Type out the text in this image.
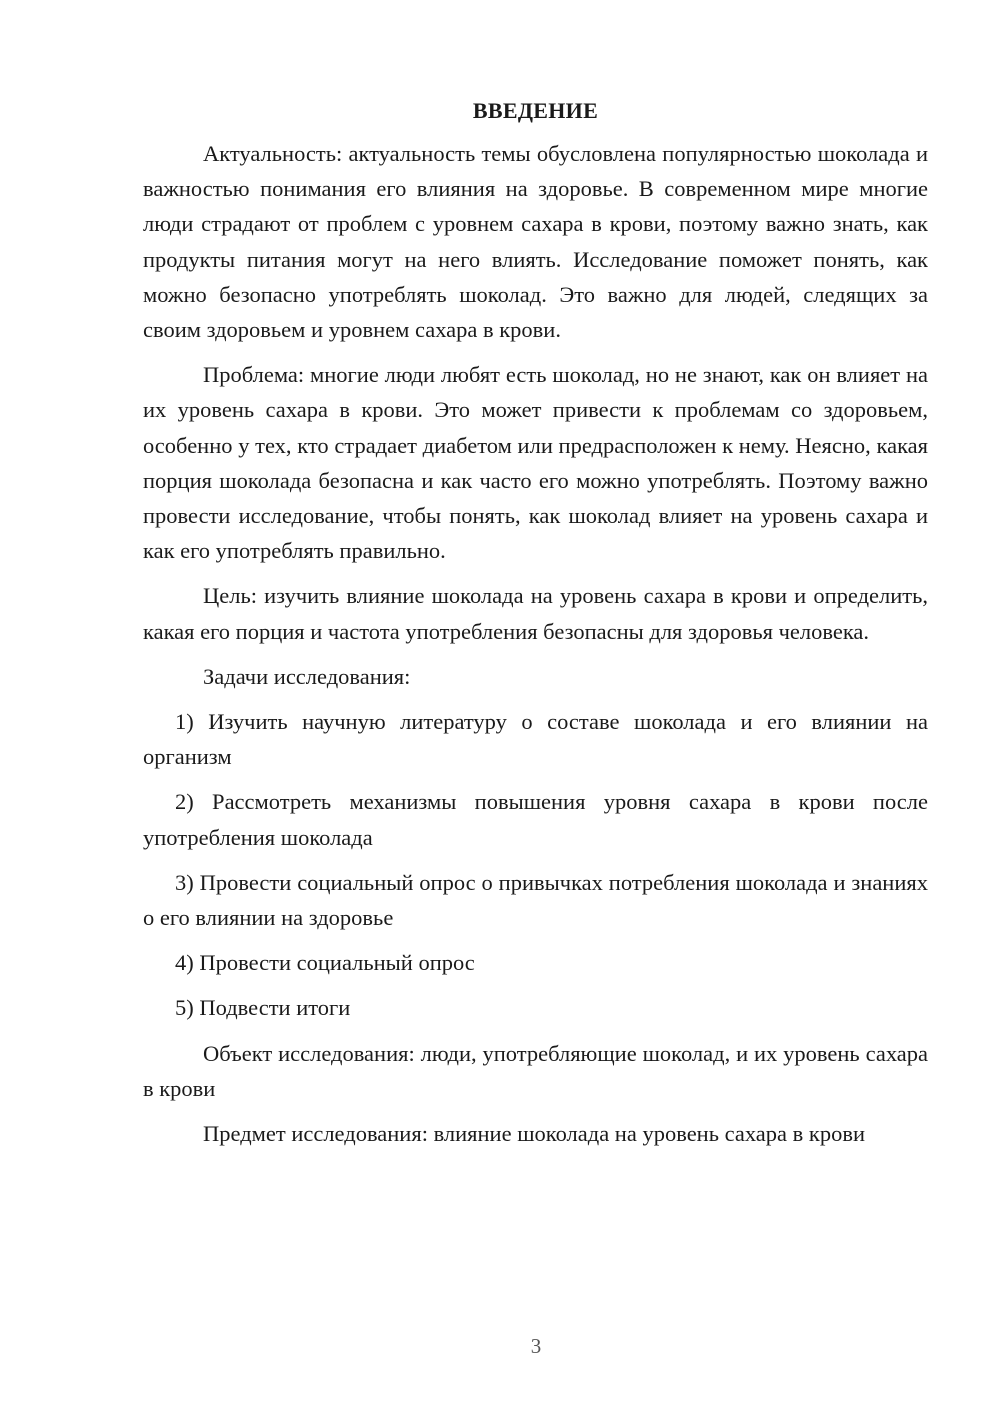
ВВЕДЕНИЕ

Актуальность: актуальность темы обусловлена популярностью шоколада и важностью понимания его влияния на здоровье. В современном мире многие люди страдают от проблем с уровнем сахара в крови, поэтому важно знать, как продукты питания могут на него влиять. Исследование поможет понять, как можно безопасно употреблять шоколад. Это важно для людей, следящих за своим здоровьем и уровнем сахара в крови.

Проблема: многие люди любят есть шоколад, но не знают, как он влияет на их уровень сахара в крови. Это может привести к проблемам со здоровьем, особенно у тех, кто страдает диабетом или предрасположен к нему. Неясно, какая порция шоколада безопасна и как часто его можно употреблять. Поэтому важно провести исследование, чтобы понять, как шоколад влияет на уровень сахара и как его употреблять правильно.

Цель: изучить влияние шоколада на уровень сахара в крови и определить, какая его порция и частота употребления безопасны для здоровья человека.

Задачи исследования:

1) Изучить научную литературу о составе шоколада и его влиянии на организм

2) Рассмотреть механизмы повышения уровня сахара в крови после употребления шоколада

3) Провести социальный опрос о привычках потребления шоколада и знаниях о его влиянии на здоровье

4) Провести социальный опрос

5) Подвести итоги

Объект исследования: люди, употребляющие шоколад, и их уровень сахара в крови

Предмет исследования: влияние шоколада на уровень сахара в крови

3
